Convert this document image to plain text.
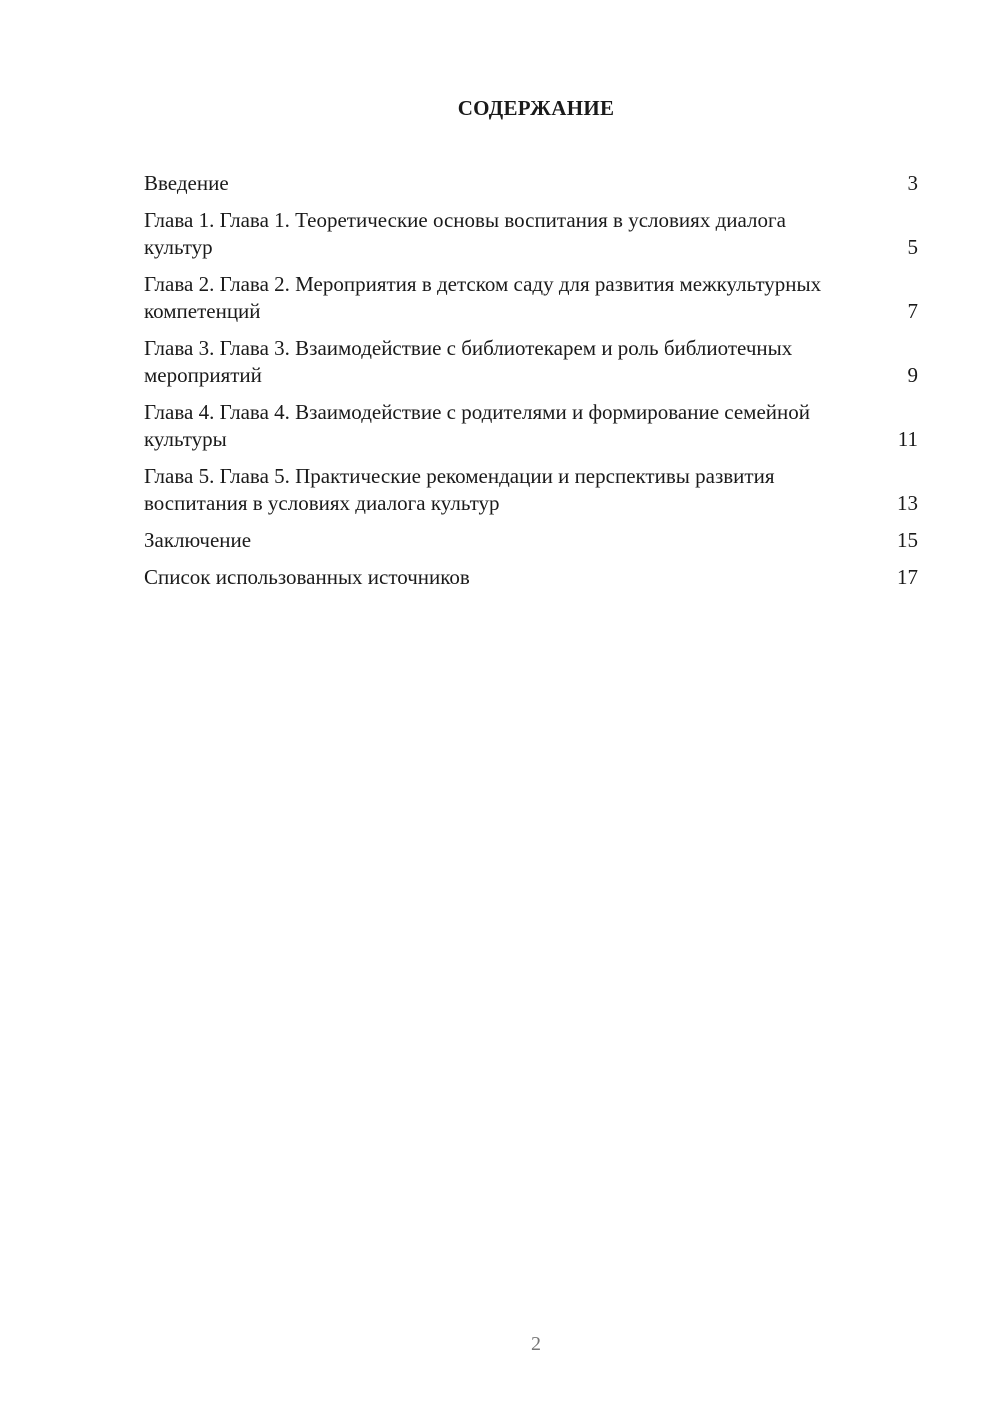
СОДЕРЖАНИЕ
Введение	3
Глава 1. Глава 1. Теоретические основы воспитания в условиях диалога культур	5
Глава 2. Глава 2. Мероприятия в детском саду для развития межкультурных компетенций	7
Глава 3. Глава 3. Взаимодействие с библиотекарем и роль библиотечных мероприятий	9
Глава 4. Глава 4. Взаимодействие с родителями и формирование семейной культуры	11
Глава 5. Глава 5. Практические рекомендации и перспективы развития воспитания в условиях диалога культур	13
Заключение	15
Список использованных источников	17
2
